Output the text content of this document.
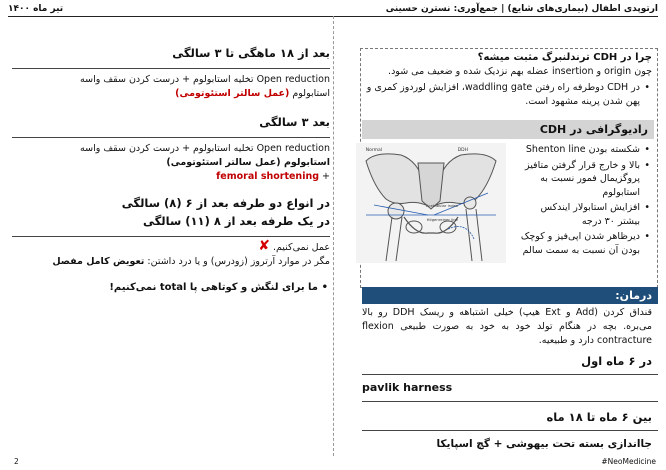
ارتوپدی اطفال (بیماری‌های شایع) | جمع‌آوری: نسترن حسینی
تیر ماه ۱۴۰۰
چرا در CDH ترندلنبرگ مثبت میشه؟
چون origin و insertion عضله بهم نزدیک شده و ضعیف می شود.
• در CDH دوطرفه راه رفتن waddling gate، افزایش لوردوز کمری و پهن شدن پرینه مشهود است.
رادیوگرافی در CDH
• شکسته بودن Shenton line
• بالا و خارج قرار گرفتن متافیز پروگزیمال فمور نسبت به استابولوم
• افزایش استابولار ایندکس بیشتر ۳۰ درجه
• دیرظاهر شدن اپی‌فیز و کوچک بودن آن نسبت به سمت سالم
Normal	DDH
Acetabular index
Hilgenreiner line
درمان:
قنداق کردن (Add و Ext هیپ) خیلی اشتباهه و ریسک DDH رو بالا می‌بره. بچه در هنگام تولد خود به خود به صورت طبیعی flexion contracture دارد و طبیعیه.
در ۶ ماه اول
pavlik harness
بین ۶ ماه تا ۱۸ ماه
جااندازی بسته تحت بیهوشی + گچ اسپایکا
بعد از ۱۸ ماهگی تا ۳ سالگی
Open reduction تخلیه استابولوم + درست کردن سقف واسه
استابولوم (عمل سالتر استئوتومی)
بعد ۳ سالگی
Open reduction تخلیه استابولوم + درست کردن سقف واسه
استابولوم (عمل سالتر استئوتومی)
+ femoral shortening
در انواع دو طرفه بعد از ۶ (۸) سالگی
در یک طرفه بعد از ۸ (۱۱) سالگی
عمل نمی‌کنیم. ✘
مگر در موارد آرتروز (زودرس) و یا درد داشتن: تعویض کامل مفصل
• ما برای لنگش و کوتاهی پا total نمی‌کنیم!
2	#NeoMedicine
